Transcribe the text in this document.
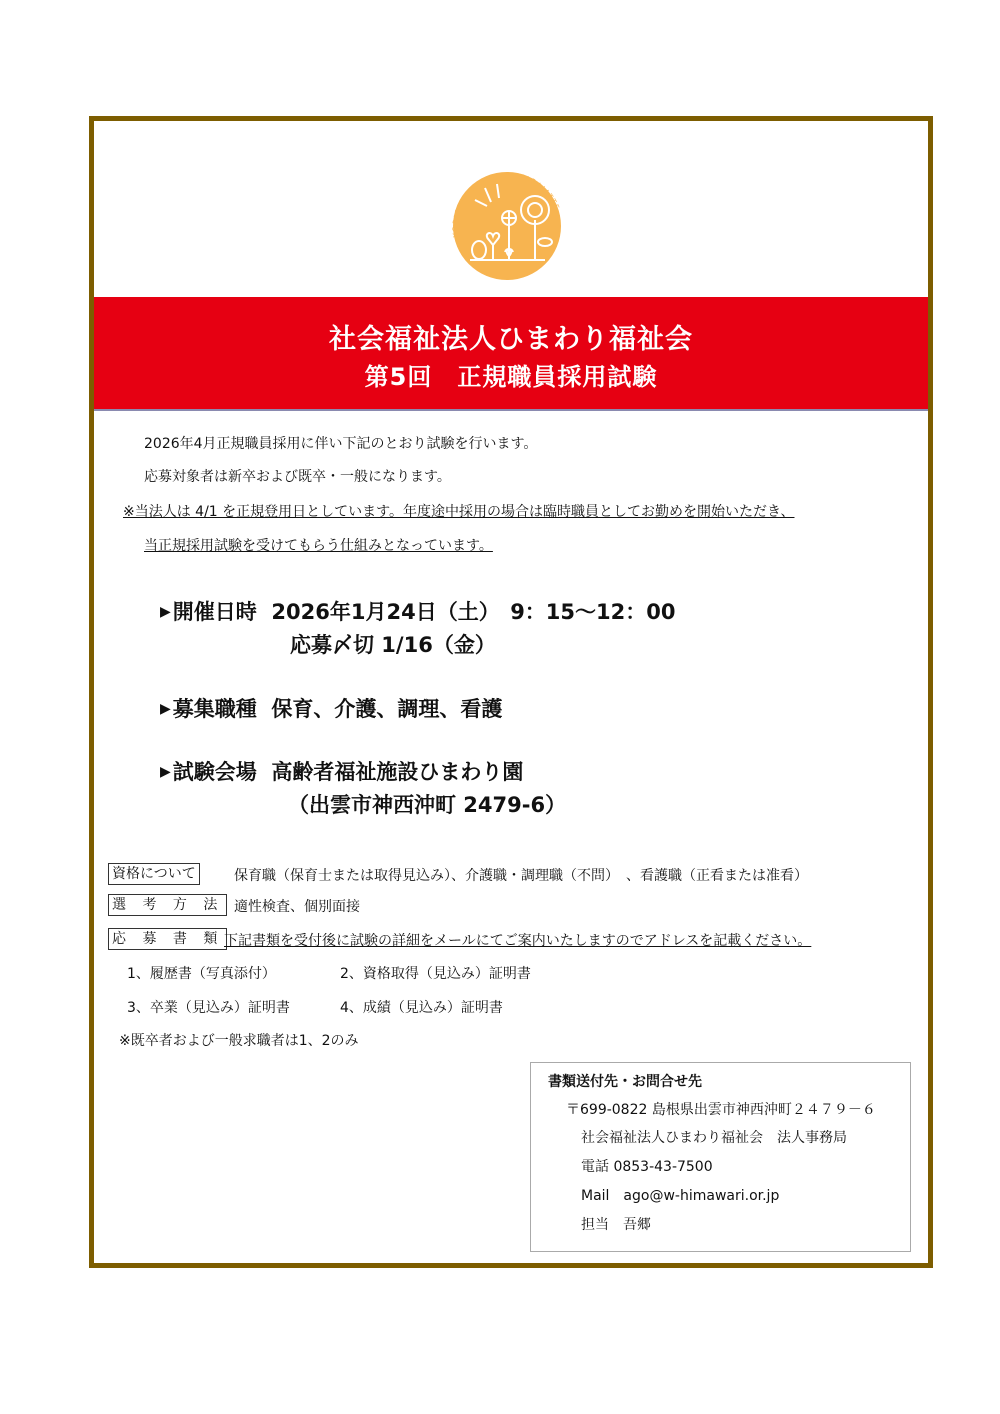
YORISOI　SASAEAI　WARAIATTE
社会福祉法人ひまわり福祉会
第5回　正規職員採用試験
2026年4月正規職員採用に伴い下記のとおり試験を行います。
応募対象者は新卒および既卒・一般になります。
※当法人は 4/1 を正規登用日としています。年度途中採用の場合は臨時職員としてお勤めを開始いただき、
当正規採用試験を受けてもらう仕組みとなっています。
▶開催日時 2026年1月24日（土）　9：15～12：00
応募〆切 1/16（金）
▶募集職種 保育、介護、調理、看護
▶試験会場 高齢者福祉施設ひまわり園
（出雲市神西沖町 2479-6）
資格について	保育職（保育士または取得見込み）、介護職・調理職（不問）　、看護職（正看または准看）
選 考 方 法 適性検査、個別面接
応 募 書 類 下記書類を受付後に試験の詳細をメールにてご案内いたしますのでアドレスを記載ください。
1、履歴書（写真添付）	2、資格取得（見込み）証明書
3、卒業（見込み）証明書	4、成績（見込み）証明書
※既卒者および一般求職者は1、2のみ
書類送付先・お問合せ先
〒699-0822 島根県出雲市神西沖町２４７９－６
社会福祉法人ひまわり福祉会　法人事務局
電話 0853-43-7500
Mail　ago@w-himawari.or.jp
担当　吾郷
